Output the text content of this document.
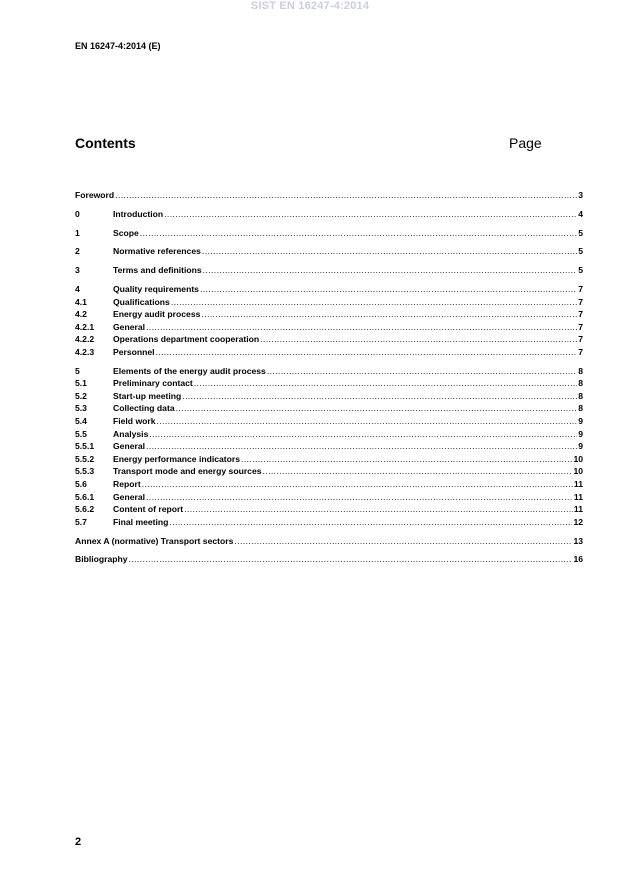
SIST EN 16247-4:2014
EN 16247-4:2014 (E)
Contents	Page
Foreword .....	3
0	Introduction .....	4
1	Scope .....	5
2	Normative references .....	5
3	Terms and definitions .....	5
4	Quality requirements .....	7
4.1	Qualifications .....	7
4.2	Energy audit process .....	7
4.2.1	General .....	7
4.2.2	Operations department cooperation .....	7
4.2.3	Personnel .....	7
5	Elements of the energy audit process .....	8
5.1	Preliminary contact .....	8
5.2	Start-up meeting .....	8
5.3	Collecting data .....	8
5.4	Field work .....	9
5.5	Analysis .....	9
5.5.1	General .....	9
5.5.2	Energy performance indicators .....	10
5.5.3	Transport mode and energy sources .....	10
5.6	Report .....	11
5.6.1	General .....	11
5.6.2	Content of report .....	11
5.7	Final meeting .....	12
Annex A (normative) Transport sectors .....	13
Bibliography .....	16
2
